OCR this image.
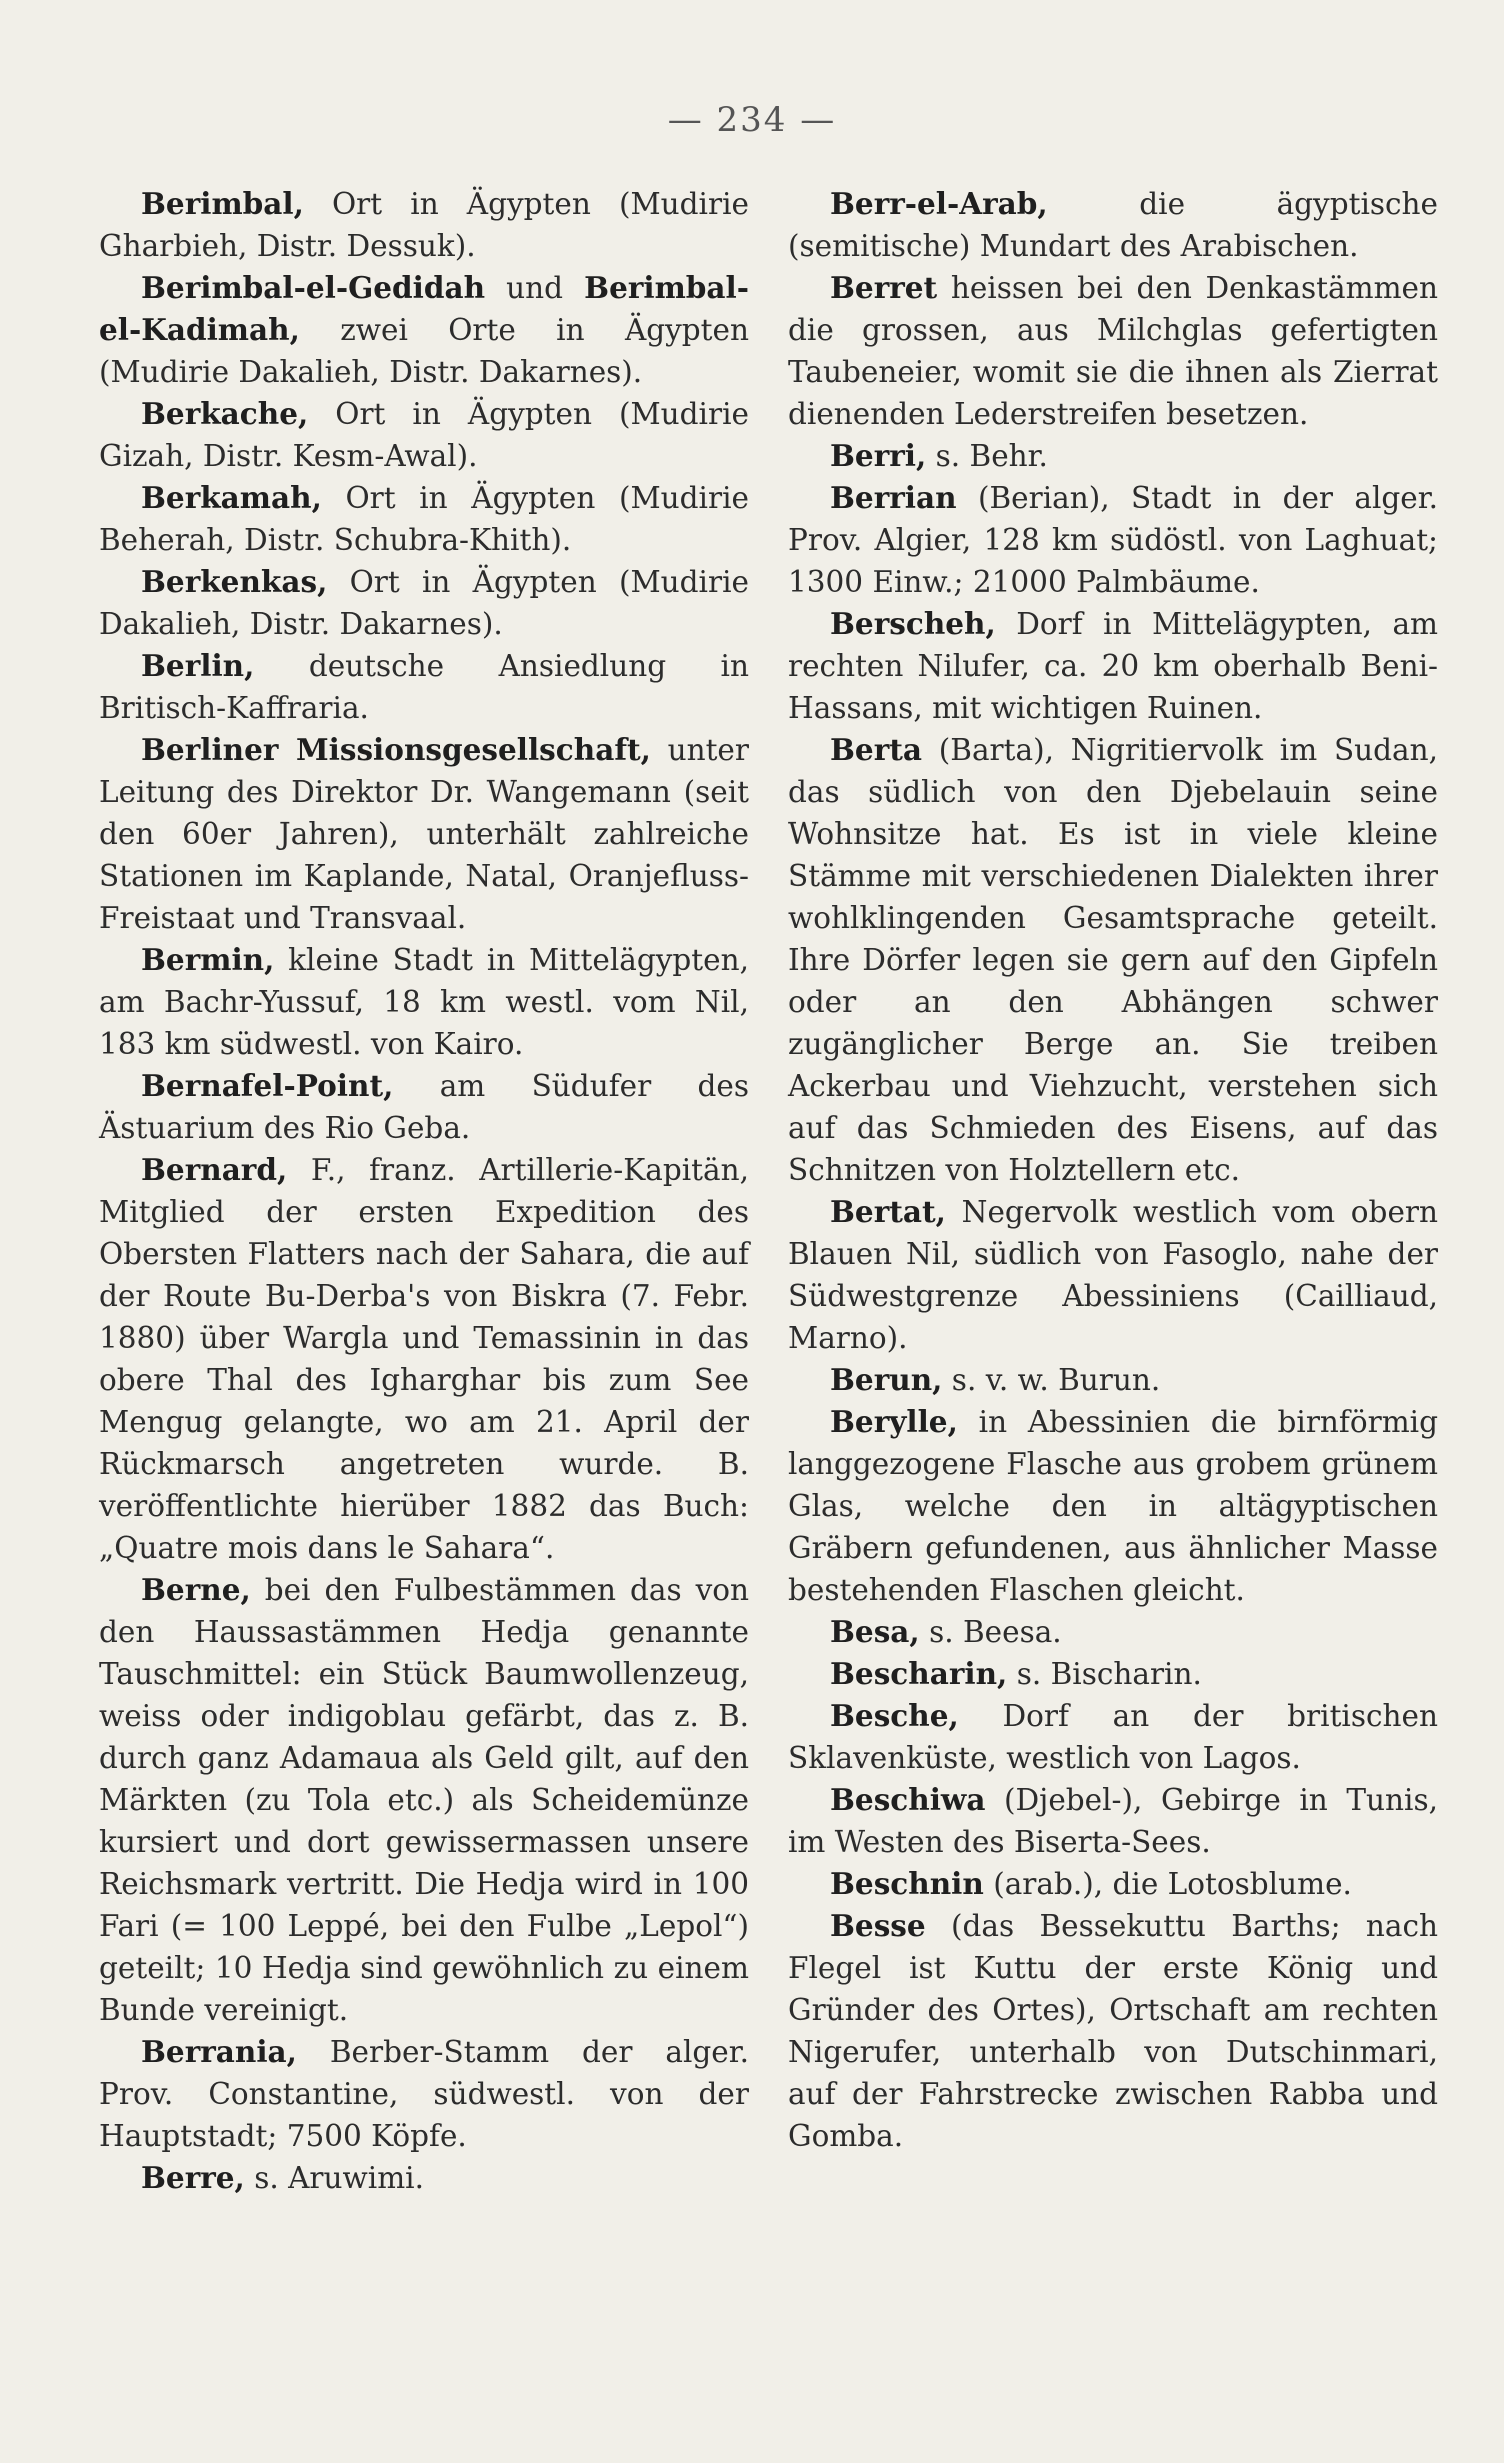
— 234 —

Berimbal, Ort in Ägypten (Mudirie Gharbieh, Distr. Dessuk).

Berimbal-el-Gedidah und Berimbal-el-Kadimah, zwei Orte in Ägypten (Mudirie Dakalieh, Distr. Dakarnes).

Berkache, Ort in Ägypten (Mudirie Gizah, Distr. Kesm-Awal).

Berkamah, Ort in Ägypten (Mudirie Beherah, Distr. Schubra-Khith).

Berkenkas, Ort in Ägypten (Mudirie Dakalieh, Distr. Dakarnes).

Berlin, deutsche Ansiedlung in Britisch-Kaffraria.

Berliner Missionsgesellschaft, unter Leitung des Direktor Dr. Wangemann (seit den 60er Jahren), unterhält zahlreiche Stationen im Kaplande, Natal, Oranjefluss-Freistaat und Transvaal.

Bermin, kleine Stadt in Mittelägypten, am Bachr-Yussuf, 18 km westl. vom Nil, 183 km südwestl. von Kairo.

Bernafel-Point, am Südufer des Ästuarium des Rio Geba.

Bernard, F., franz. Artillerie-Kapitän, Mitglied der ersten Expedition des Obersten Flatters nach der Sahara, die auf der Route Bu-Derba's von Biskra (7. Febr. 1880) über Wargla und Temassinin in das obere Thal des Igharghar bis zum See Mengug gelangte, wo am 21. April der Rückmarsch angetreten wurde. B. veröffentlichte hierüber 1882 das Buch: „Quatre mois dans le Sahara“.

Berne, bei den Fulbestämmen das von den Haussastämmen Hedja genannte Tauschmittel: ein Stück Baumwollenzeug, weiss oder indigoblau gefärbt, das z. B. durch ganz Adamaua als Geld gilt, auf den Märkten (zu Tola etc.) als Scheidemünze kursiert und dort gewissermassen unsere Reichsmark vertritt. Die Hedja wird in 100 Fari (= 100 Leppé, bei den Fulbe „Lepol“) geteilt; 10 Hedja sind gewöhnlich zu einem Bunde vereinigt.

Berrania, Berber-Stamm der alger. Prov. Constantine, südwestl. von der Hauptstadt; 7500 Köpfe.

Berre, s. Aruwimi.

Berr-el-Arab, die ägyptische (semitische) Mundart des Arabischen.

Berret heissen bei den Denkastämmen die grossen, aus Milchglas gefertigten Taubeneier, womit sie die ihnen als Zierrat dienenden Lederstreifen besetzen.

Berri, s. Behr.

Berrian (Berian), Stadt in der alger. Prov. Algier, 128 km südöstl. von Laghuat; 1300 Einw.; 21000 Palmbäume.

Berscheh, Dorf in Mittelägypten, am rechten Nilufer, ca. 20 km oberhalb Beni-Hassans, mit wichtigen Ruinen.

Berta (Barta), Nigritiervolk im Sudan, das südlich von den Djebelauin seine Wohnsitze hat. Es ist in viele kleine Stämme mit verschiedenen Dialekten ihrer wohlklingenden Gesamtsprache geteilt. Ihre Dörfer legen sie gern auf den Gipfeln oder an den Abhängen schwer zugänglicher Berge an. Sie treiben Ackerbau und Viehzucht, verstehen sich auf das Schmieden des Eisens, auf das Schnitzen von Holztellern etc.

Bertat, Negervolk westlich vom obern Blauen Nil, südlich von Fasoglo, nahe der Südwestgrenze Abessiniens (Cailliaud, Marno).

Berun, s. v. w. Burun.

Berylle, in Abessinien die birnförmig langgezogene Flasche aus grobem grünem Glas, welche den in altägyptischen Gräbern gefundenen, aus ähnlicher Masse bestehenden Flaschen gleicht.

Besa, s. Beesa.

Bescharin, s. Bischarin.

Besche, Dorf an der britischen Sklavenküste, westlich von Lagos.

Beschiwa (Djebel-), Gebirge in Tunis, im Westen des Biserta-Sees.

Beschnin (arab.), die Lotosblume.

Besse (das Bessekuttu Barths; nach Flegel ist Kuttu der erste König und Gründer des Ortes), Ortschaft am rechten Nigerufer, unterhalb von Dutschinmari, auf der Fahrstrecke zwischen Rabba und Gomba.
